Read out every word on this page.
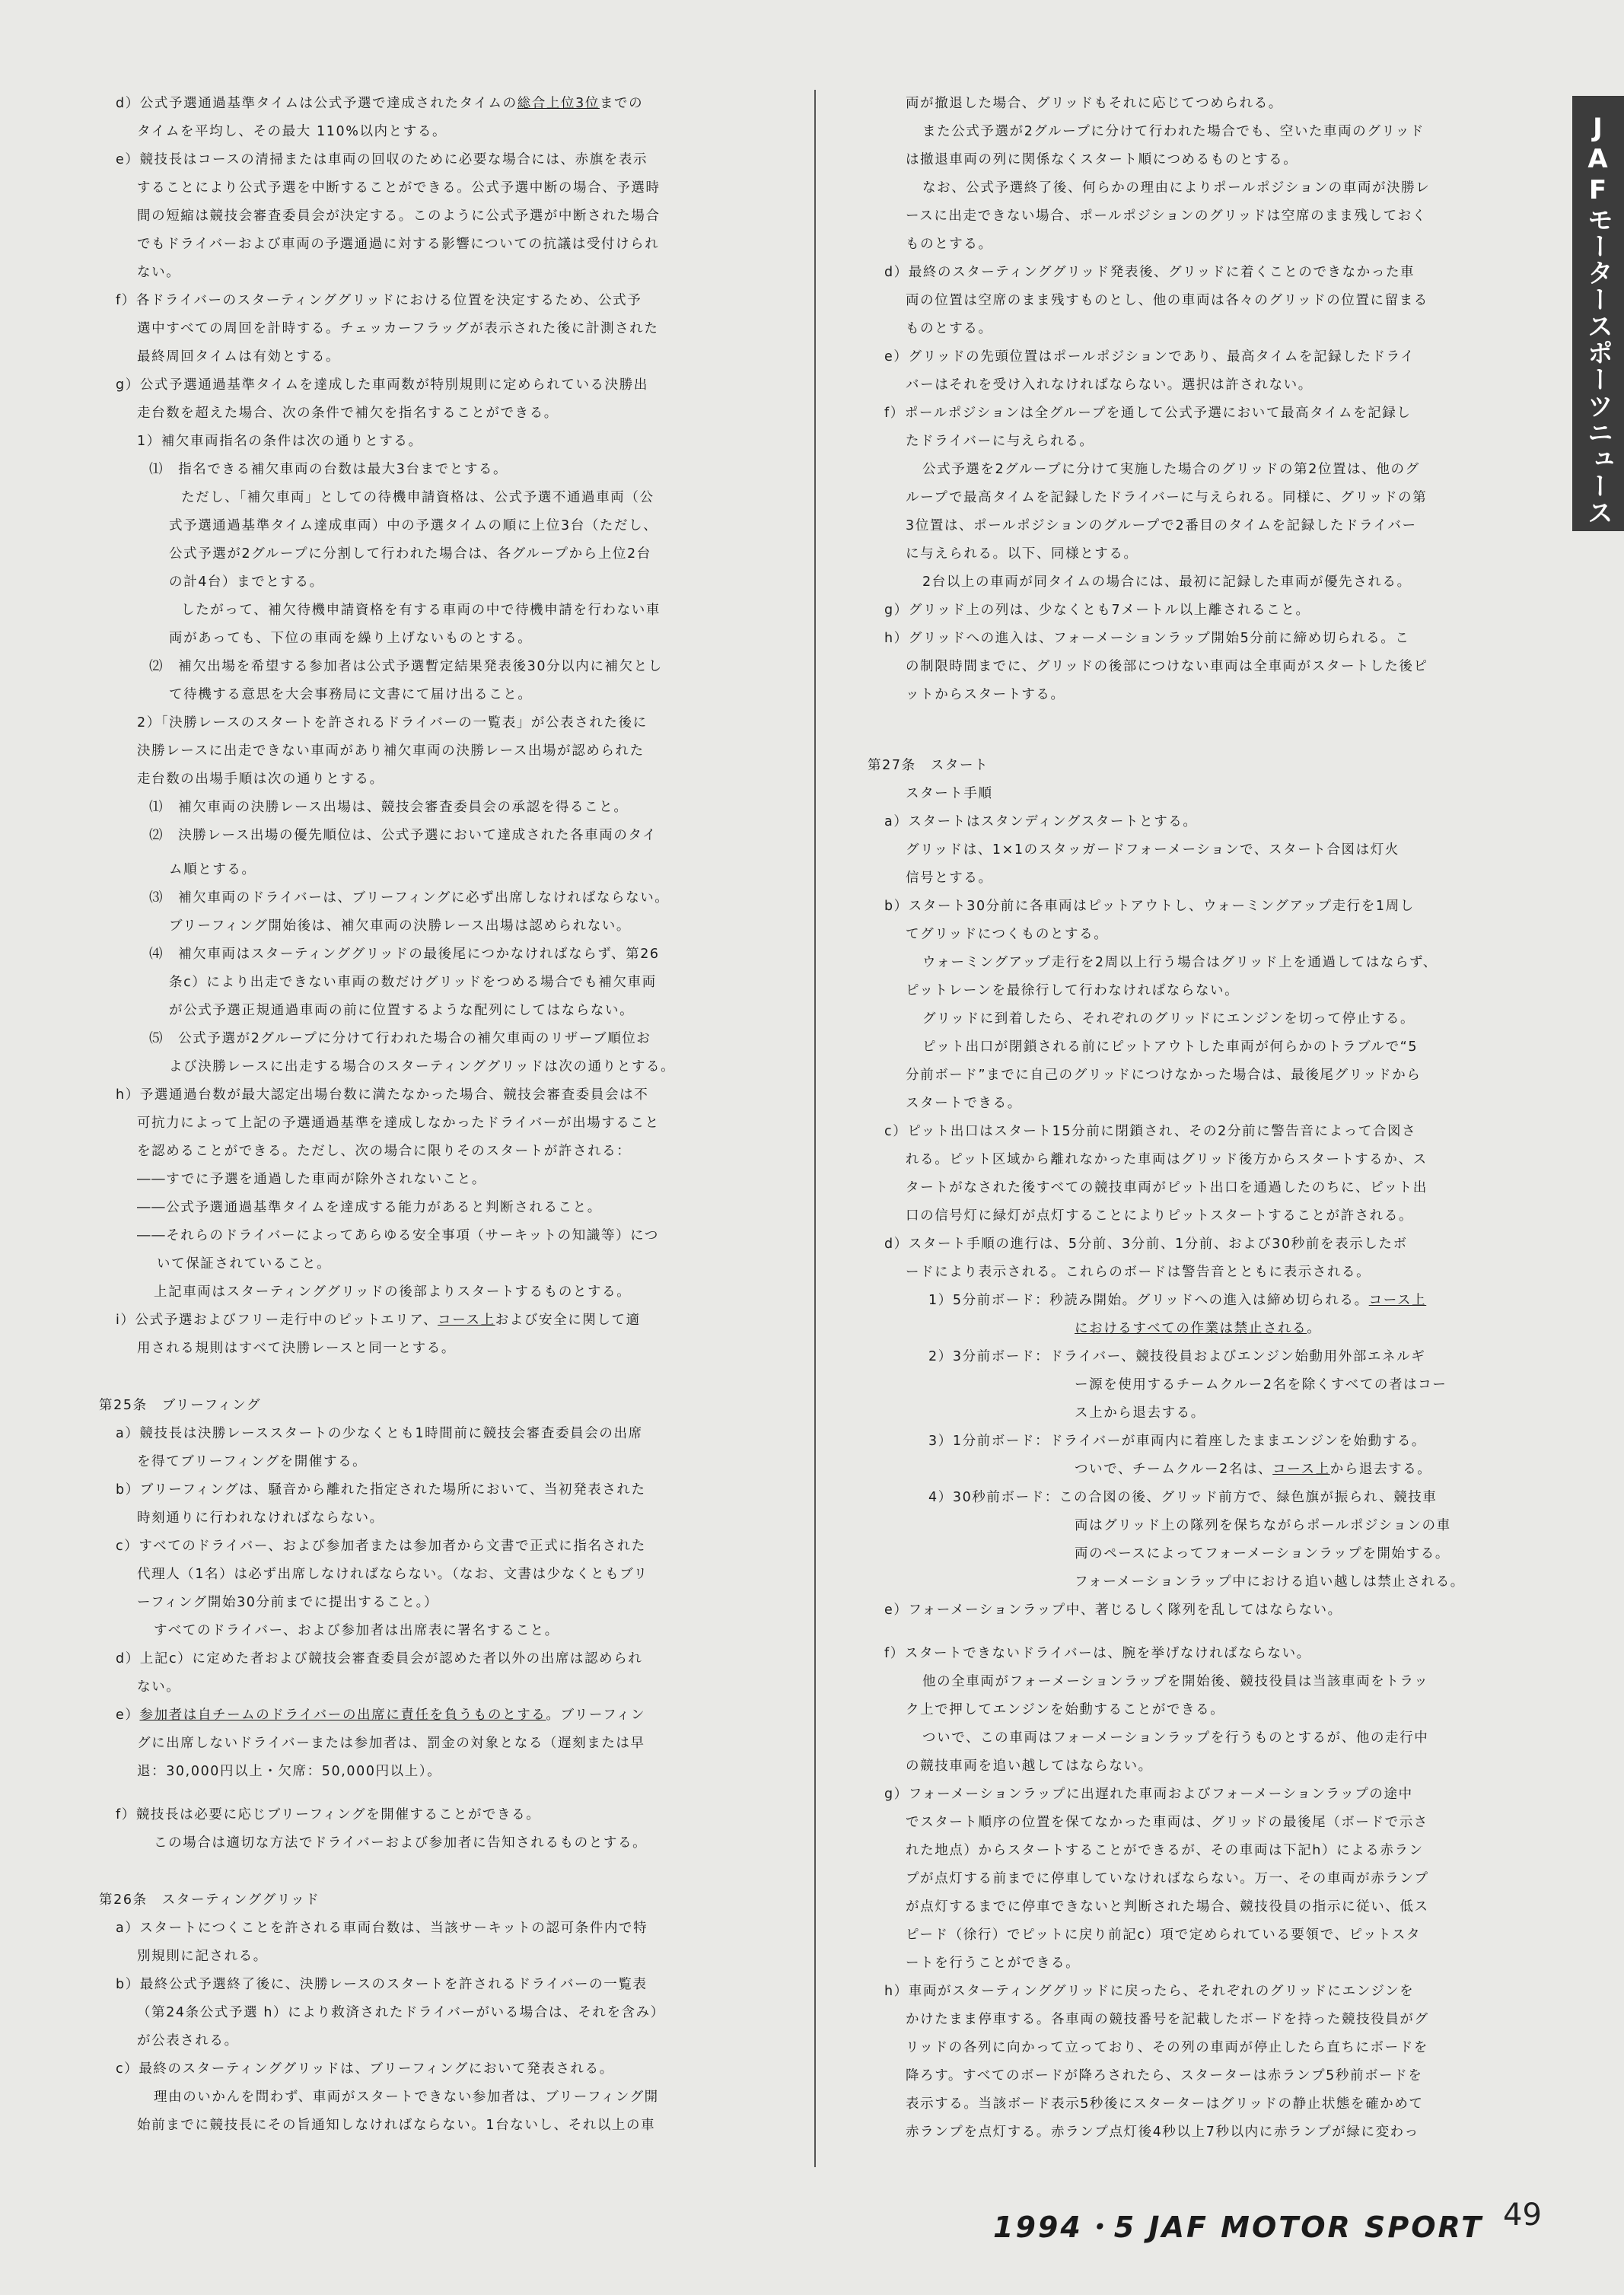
d）公式予選通過基準タイムは公式予選で達成されたタイムの総合上位3位までの

タイムを平均し、その最大 110%以内とする。

e）競技長はコースの清掃または車両の回収のために必要な場合には、赤旗を表示

することにより公式予選を中断することができる。公式予選中断の場合、予選時

間の短縮は競技会審査委員会が決定する。このように公式予選が中断された場合

でもドライバーおよび車両の予選通過に対する影響についての抗議は受付けられ

ない。

f）各ドライバーのスターティンググリッドにおける位置を決定するため、公式予

選中すべての周回を計時する。チェッカーフラッグが表示された後に計測された

最終周回タイムは有効とする。

g）公式予選通過基準タイムを達成した車両数が特別規則に定められている決勝出

走台数を超えた場合、次の条件で補欠を指名することができる。

1）補欠車両指名の条件は次の通りとする。

⑴　指名できる補欠車両の台数は最大3台までとする。

ただし、「補欠車両」としての待機申請資格は、公式予選不通過車両（公

式予選通過基準タイム達成車両）中の予選タイムの順に上位3台（ただし、

公式予選が2グループに分割して行われた場合は、各グループから上位2台

の計4台）までとする。

したがって、補欠待機申請資格を有する車両の中で待機申請を行わない車

両があっても、下位の車両を繰り上げないものとする。

⑵　補欠出場を希望する参加者は公式予選暫定結果発表後30分以内に補欠とし

て待機する意思を大会事務局に文書にて届け出ること。

2）「決勝レースのスタートを許されるドライバーの一覧表」が公表された後に

決勝レースに出走できない車両があり補欠車両の決勝レース出場が認められた

走台数の出場手順は次の通りとする。

⑴　補欠車両の決勝レース出場は、競技会審査委員会の承認を得ること。

⑵　決勝レース出場の優先順位は、公式予選において達成された各車両のタイ

ム順とする。

⑶　補欠車両のドライバーは、ブリーフィングに必ず出席しなければならない。

ブリーフィング開始後は、補欠車両の決勝レース出場は認められない。

⑷　補欠車両はスターティンググリッドの最後尾につかなければならず、第26

条c）により出走できない車両の数だけグリッドをつめる場合でも補欠車両

が公式予選正規通過車両の前に位置するような配列にしてはならない。

⑸　公式予選が2グループに分けて行われた場合の補欠車両のリザーブ順位お

よび決勝レースに出走する場合のスターティンググリッドは次の通りとする。

h）予選通過台数が最大認定出場台数に満たなかった場合、競技会審査委員会は不

可抗力によって上記の予選通過基準を達成しなかったドライバーが出場すること

を認めることができる。ただし、次の場合に限りそのスタートが許される：

――すでに予選を通過した車両が除外されないこと。

――公式予選通過基準タイムを達成する能力があると判断されること。

――それらのドライバーによってあらゆる安全事項（サーキットの知識等）につ

いて保証されていること。

上記車両はスターティンググリッドの後部よりスタートするものとする。

i）公式予選およびフリー走行中のピットエリア、コース上および安全に関して適

用される規則はすべて決勝レースと同一とする。

第25条　ブリーフィング

a）競技長は決勝レーススタートの少なくとも1時間前に競技会審査委員会の出席

を得てブリーフィングを開催する。

b）ブリーフィングは、騒音から離れた指定された場所において、当初発表された

時刻通りに行われなければならない。

c）すべてのドライバー、および参加者または参加者から文書で正式に指名された

代理人（1名）は必ず出席しなければならない。（なお、文書は少なくともブリ

ーフィング開始30分前までに提出すること。）

すべてのドライバー、および参加者は出席表に署名すること。

d）上記c）に定めた者および競技会審査委員会が認めた者以外の出席は認められ

ない。

e）参加者は自チームのドライバーの出席に責任を負うものとする。ブリーフィン

グに出席しないドライバーまたは参加者は、罰金の対象となる（遅刻または早

退：30,000円以上・欠席：50,000円以上）。

f）競技長は必要に応じブリーフィングを開催することができる。

この場合は適切な方法でドライバーおよび参加者に告知されるものとする。

第26条　スターティンググリッド

a）スタートにつくことを許される車両台数は、当該サーキットの認可条件内で特

別規則に記される。

b）最終公式予選終了後に、決勝レースのスタートを許されるドライバーの一覧表

（第24条公式予選 h）により救済されたドライバーがいる場合は、それを含み）

が公表される。

c）最終のスターティンググリッドは、ブリーフィングにおいて発表される。

理由のいかんを問わず、車両がスタートできない参加者は、ブリーフィング開

始前までに競技長にその旨通知しなければならない。1台ないし、それ以上の車

両が撤退した場合、グリッドもそれに応じてつめられる。

また公式予選が2グループに分けて行われた場合でも、空いた車両のグリッド

は撤退車両の列に関係なくスタート順につめるものとする。

なお、公式予選終了後、何らかの理由によりポールポジションの車両が決勝レ

ースに出走できない場合、ポールポジションのグリッドは空席のまま残しておく

ものとする。

d）最終のスターティンググリッド発表後、グリッドに着くことのできなかった車

両の位置は空席のまま残すものとし、他の車両は各々のグリッドの位置に留まる

ものとする。

e）グリッドの先頭位置はポールポジションであり、最高タイムを記録したドライ

バーはそれを受け入れなければならない。選択は許されない。

f）ポールポジションは全グループを通して公式予選において最高タイムを記録し

たドライバーに与えられる。

公式予選を2グループに分けて実施した場合のグリッドの第2位置は、他のグ

ループで最高タイムを記録したドライバーに与えられる。同様に、グリッドの第

3位置は、ポールポジションのグループで2番目のタイムを記録したドライバー

に与えられる。以下、同様とする。

2台以上の車両が同タイムの場合には、最初に記録した車両が優先される。

g）グリッド上の列は、少なくとも7メートル以上離されること。

h）グリッドへの進入は、フォーメーションラップ開始5分前に締め切られる。こ

の制限時間までに、グリッドの後部につけない車両は全車両がスタートした後ピ

ットからスタートする。

第27条　スタート

スタート手順

a）スタートはスタンディングスタートとする。

グリッドは、1×1のスタッガードフォーメーションで、スタート合図は灯火

信号とする。

b）スタート30分前に各車両はピットアウトし、ウォーミングアップ走行を1周し

てグリッドにつくものとする。

ウォーミングアップ走行を2周以上行う場合はグリッド上を通過してはならず、

ピットレーンを最徐行して行わなければならない。

グリッドに到着したら、それぞれのグリッドにエンジンを切って停止する。

ピット出口が閉鎖される前にピットアウトした車両が何らかのトラブルで“5

分前ボード”までに自己のグリッドにつけなかった場合は、最後尾グリッドから

スタートできる。

c）ピット出口はスタート15分前に閉鎖され、その2分前に警告音によって合図さ

れる。ピット区域から離れなかった車両はグリッド後方からスタートするか、ス

タートがなされた後すべての競技車両がピット出口を通過したのちに、ピット出

口の信号灯に緑灯が点灯することによりピットスタートすることが許される。

d）スタート手順の進行は、5分前、3分前、1分前、および30秒前を表示したボ

ードにより表示される。これらのボードは警告音とともに表示される。

1）5分前ボード：秒読み開始。グリッドへの進入は締め切られる。コース上

におけるすべての作業は禁止される。

2）3分前ボード：ドライバー、競技役員およびエンジン始動用外部エネルギ

ー源を使用するチームクルー2名を除くすべての者はコー

ス上から退去する。

3）1分前ボード：ドライバーが車両内に着座したままエンジンを始動する。

ついで、チームクルー2名は、コース上から退去する。

4）30秒前ボード：この合図の後、グリッド前方で、緑色旗が振られ、競技車

両はグリッド上の隊列を保ちながらポールポジションの車

両のペースによってフォーメーションラップを開始する。

フォーメーションラップ中における追い越しは禁止される。

e）フォーメーションラップ中、著じるしく隊列を乱してはならない。

f）スタートできないドライバーは、腕を挙げなければならない。

他の全車両がフォーメーションラップを開始後、競技役員は当該車両をトラッ

ク上で押してエンジンを始動することができる。

ついで、この車両はフォーメーションラップを行うものとするが、他の走行中

の競技車両を追い越してはならない。

g）フォーメーションラップに出遅れた車両およびフォーメーションラップの途中

でスタート順序の位置を保てなかった車両は、グリッドの最後尾（ボードで示さ

れた地点）からスタートすることができるが、その車両は下記h）による赤ラン

プが点灯する前までに停車していなければならない。万一、その車両が赤ランプ

が点灯するまでに停車できないと判断された場合、競技役員の指示に従い、低ス

ピード（徐行）でピットに戻り前記c）項で定められている要領で、ピットスタ

ートを行うことができる。

h）車両がスターティンググリッドに戻ったら、それぞれのグリッドにエンジンを

かけたまま停車する。各車両の競技番号を記載したボードを持った競技役員がグ

リッドの各列に向かって立っており、その列の車両が停止したら直ちにボードを

降ろす。すべてのボードが降ろされたら、スターターは赤ランプ5秒前ボードを

表示する。当該ボード表示5秒後にスターターはグリッドの静止状態を確かめて

赤ランプを点灯する。赤ランプ点灯後4秒以上7秒以内に赤ランプが緑に変わっ

JAFモータースポーツニュース
1994・5 JAF MOTOR SPORT 49
